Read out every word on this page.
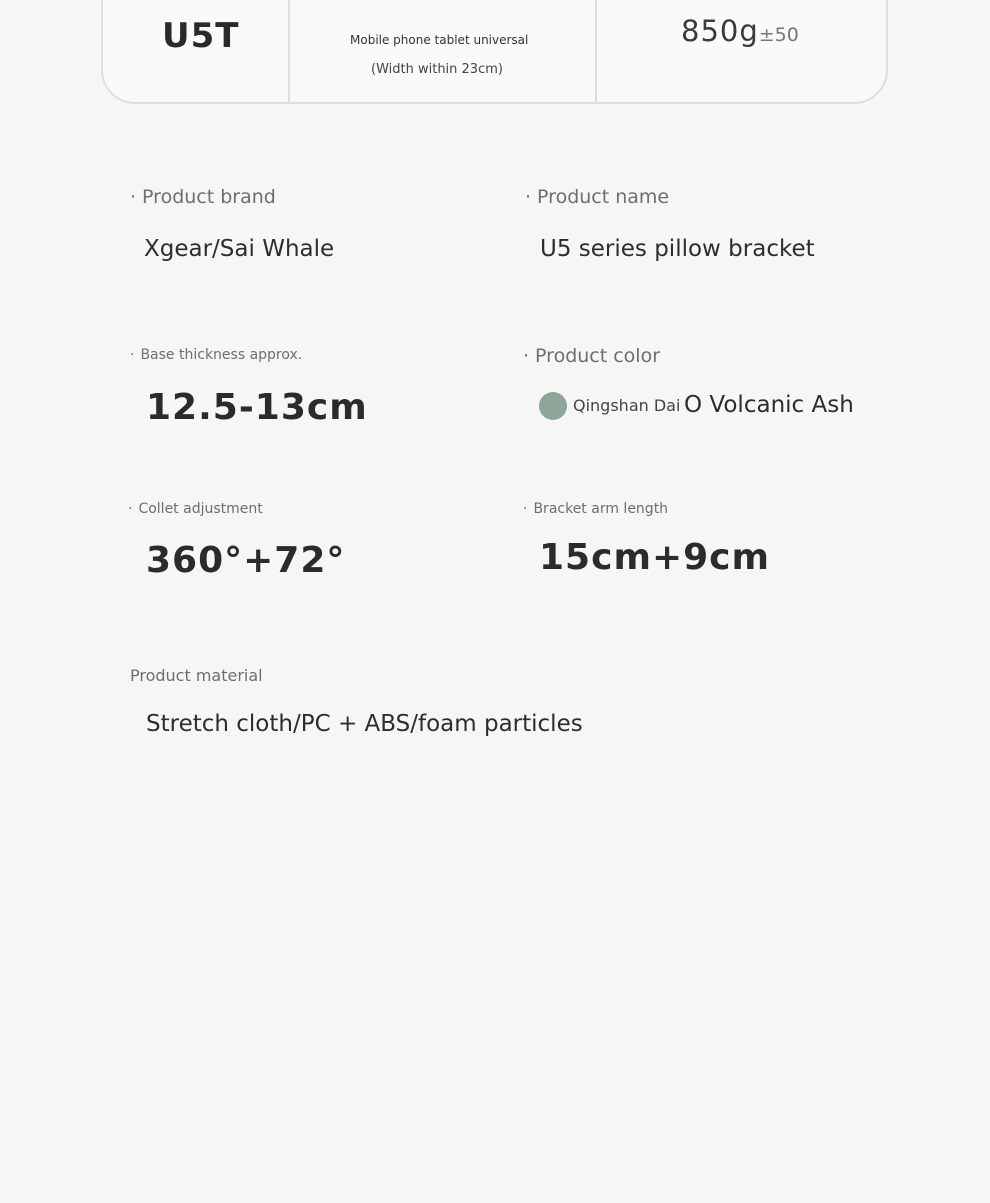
U5T	Mobile phone tablet universal
(Width within 23cm)
850g±50
· Product brand
Xgear/Sai Whale
· Product name
U5 series pillow bracket
· Base thickness approx.
12.5-13cm
· Product color
Qingshan Dai O Volcanic Ash
· Collet adjustment
360°+72°
· Bracket arm length
15cm+9cm
Product material
Stretch cloth/PC + ABS/foam particles
